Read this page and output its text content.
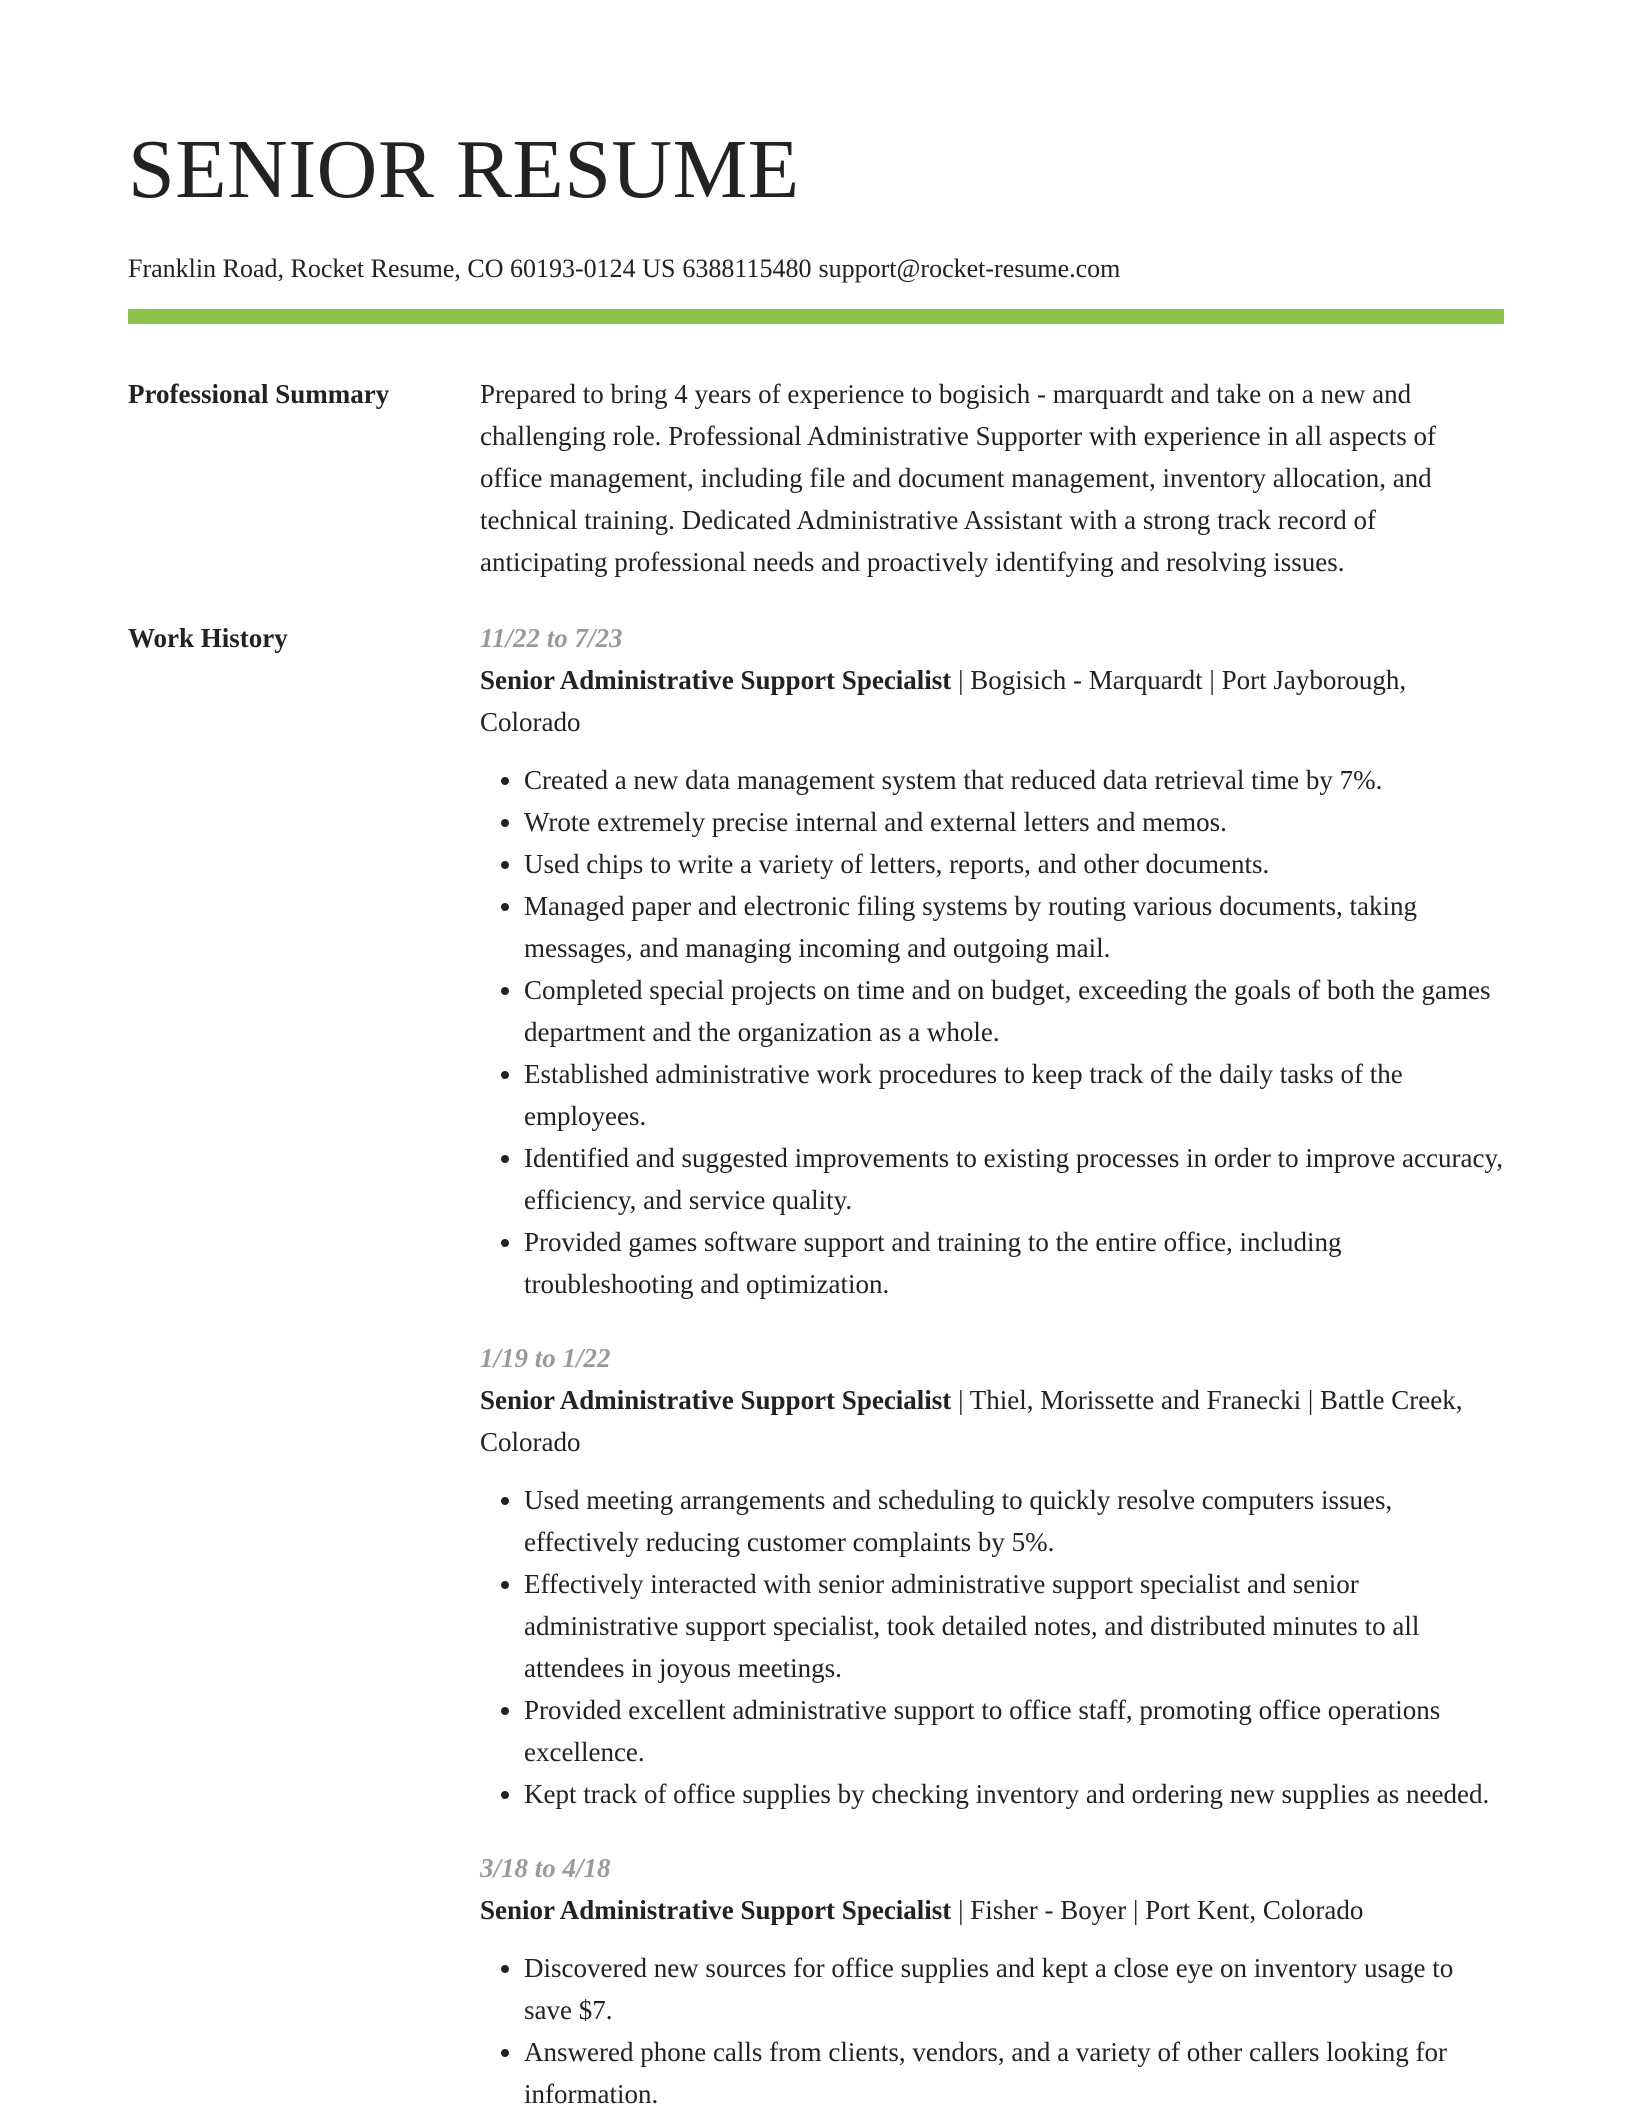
SENIOR RESUME
Franklin Road, Rocket Resume, CO 60193-0124 US 6388115480 support@rocket-resume.com
Professional Summary	Prepared to bring 4 years of experience to bogisich - marquardt and take on a new and challenging role. Professional Administrative Supporter with experience in all aspects of office management, including file and document management, inventory allocation, and technical training. Dedicated Administrative Assistant with a strong track record of anticipating professional needs and proactively identifying and resolving issues.

Work History	11/22 to 7/23

Senior Administrative Support Specialist | Bogisich - Marquardt | Port Jayborough, Colorado

• Created a new data management system that reduced data retrieval time by 7%.
• Wrote extremely precise internal and external letters and memos.
• Used chips to write a variety of letters, reports, and other documents.
• Managed paper and electronic filing systems by routing various documents, taking messages, and managing incoming and outgoing mail.
• Completed special projects on time and on budget, exceeding the goals of both the games department and the organization as a whole.
• Established administrative work procedures to keep track of the daily tasks of the employees.
• Identified and suggested improvements to existing processes in order to improve accuracy, efficiency, and service quality.
• Provided games software support and training to the entire office, including troubleshooting and optimization.
1/19 to 1/22

Senior Administrative Support Specialist | Thiel, Morissette and Franecki | Battle Creek, Colorado

• Used meeting arrangements and scheduling to quickly resolve computers issues, effectively reducing customer complaints by 5%.
• Effectively interacted with senior administrative support specialist and senior administrative support specialist, took detailed notes, and distributed minutes to all attendees in joyous meetings.
• Provided excellent administrative support to office staff, promoting office operations excellence.
• Kept track of office supplies by checking inventory and ordering new supplies as needed.
3/18 to 4/18

Senior Administrative Support Specialist | Fisher - Boyer | Port Kent, Colorado

• Discovered new sources for office supplies and kept a close eye on inventory usage to save $7.
• Answered phone calls from clients, vendors, and a variety of other callers looking for information.
